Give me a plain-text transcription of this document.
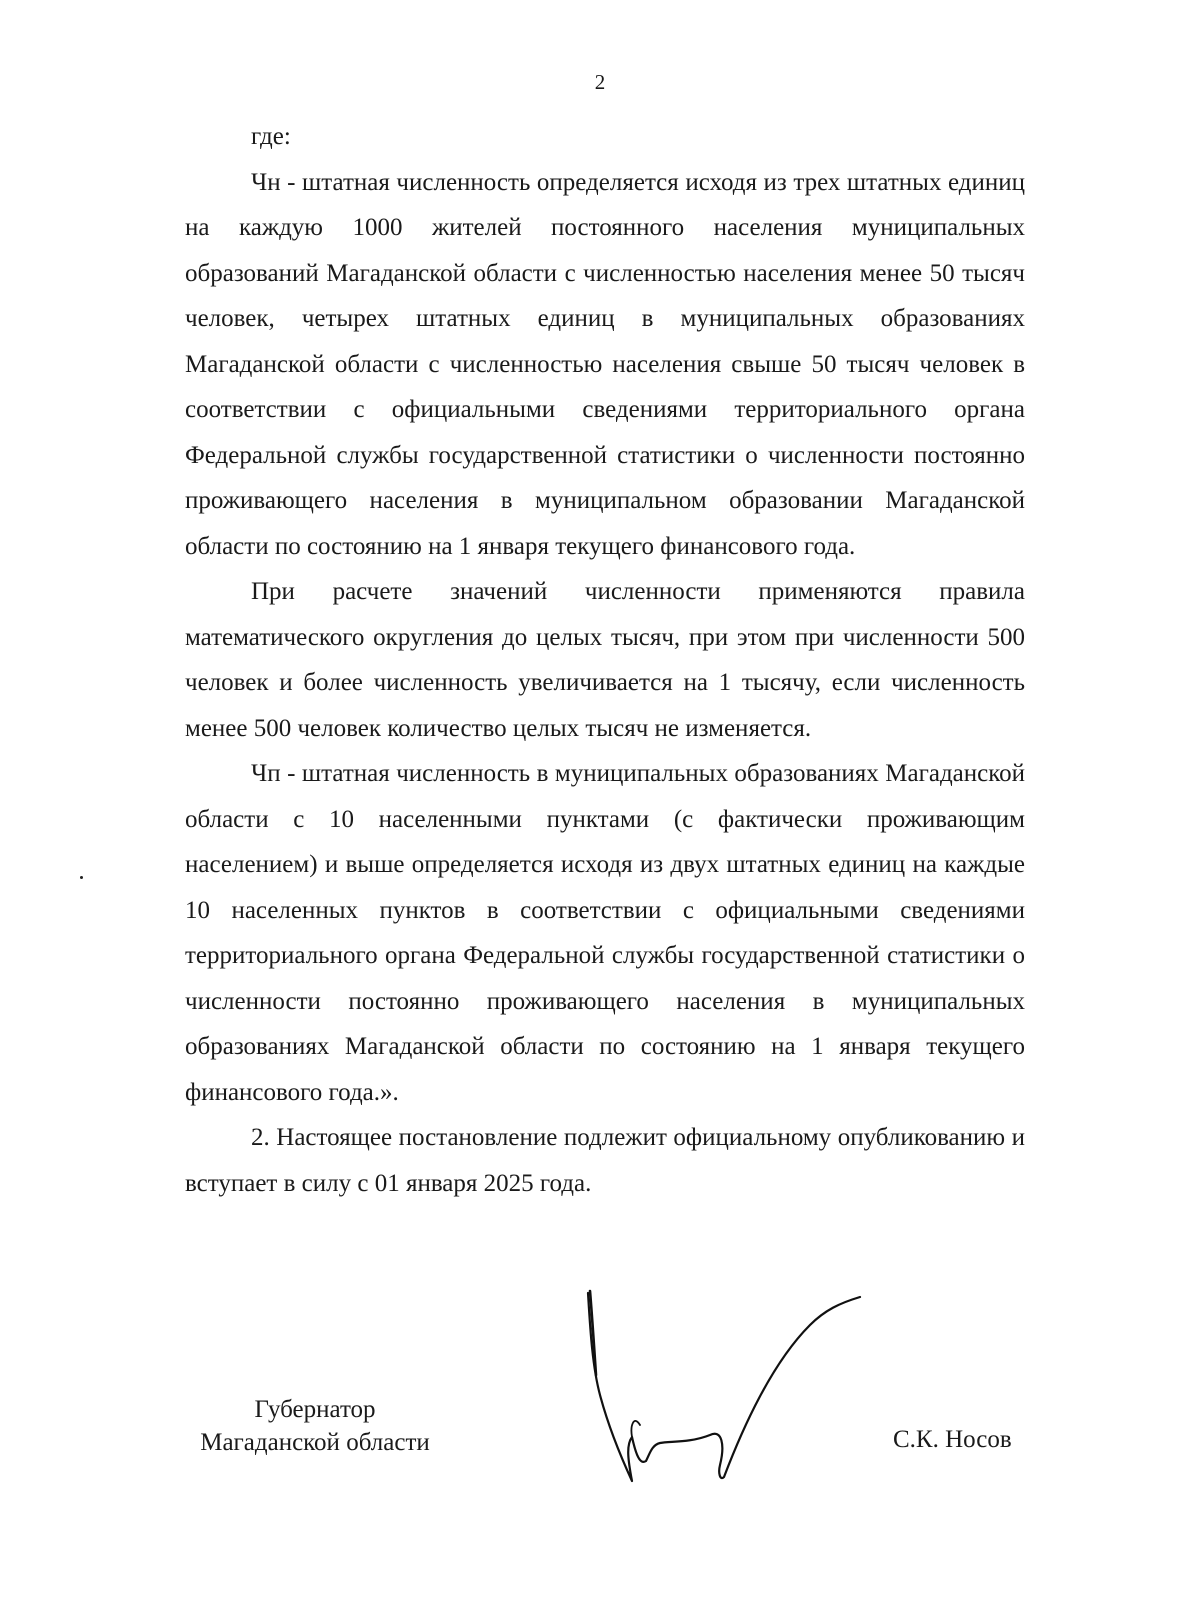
2

где:

Чн - штатная численность определяется исходя из трех штатных единиц на каждую 1000 жителей постоянного населения муниципальных образований Магаданской области с численностью населения менее 50 тысяч человек, четырех штатных единиц в муниципальных образованиях Магаданской области с численностью населения свыше 50 тысяч человек в соответствии с официальными сведениями территориального органа Федеральной службы государственной статистики о численности постоянно проживающего населения в муниципальном образовании Магаданской области по состоянию на 1 января текущего финансового года.

При расчете значений численности применяются правила математического округления до целых тысяч, при этом при численности 500 человек и более численность увеличивается на 1 тысячу, если численность менее 500 человек количество целых тысяч не изменяется.

Чп - штатная численность в муниципальных образованиях Магаданской области с 10 населенными пунктами (с фактически проживающим населением) и выше определяется исходя из двух штатных единиц на каждые 10 населенных пунктов в соответствии с официальными сведениями территориального органа Федеральной службы государственной статистики о численности постоянно проживающего населения в муниципальных образованиях Магаданской области по состоянию на 1 января текущего финансового года.».

2. Настоящее постановление подлежит официальному опубликованию и вступает в силу с 01 января 2025 года.

Губернатор
Магаданской области	С.К. Носов
